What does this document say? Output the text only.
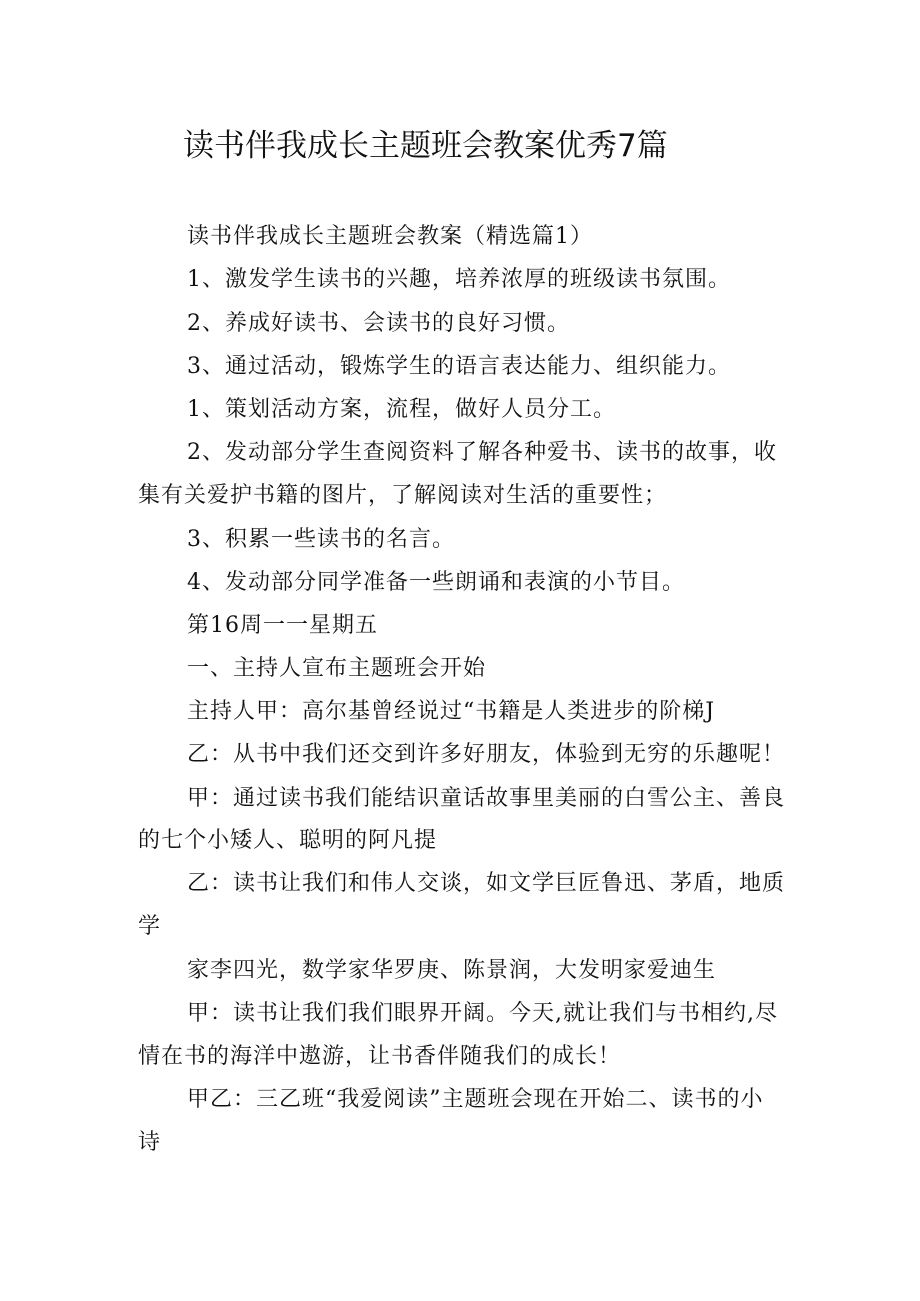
读书伴我成长主题班会教案优秀7篇

读书伴我成长主题班会教案（精选篇1）

1、激发学生读书的兴趣，培养浓厚的班级读书氛围。

2、养成好读书、会读书的良好习惯。

3、通过活动，锻炼学生的语言表达能力、组织能力。

1、策划活动方案，流程，做好人员分工。

2、发动部分学生查阅资料了解各种爱书、读书的故事，收

集有关爱护书籍的图片，了解阅读对生活的重要性；

3、积累一些读书的名言。

4、发动部分同学准备一些朗诵和表演的小节目。

第16周一一星期五

一、主持人宣布主题班会开始

主持人甲：高尔基曾经说过“书籍是人类进步的阶梯J

乙：从书中我们还交到许多好朋友，体验到无穷的乐趣呢！

甲：通过读书我们能结识童话故事里美丽的白雪公主、善良

的七个小矮人、聪明的阿凡提

乙：读书让我们和伟人交谈，如文学巨匠鲁迅、茅盾，地质

学

家李四光，数学家华罗庚、陈景润，大发明家爱迪生

甲：读书让我们我们眼界开阔。今天,就让我们与书相约,尽

情在书的海洋中遨游，让书香伴随我们的成长！

甲乙：三乙班“我爱阅读”主题班会现在开始二、读书的小

诗
